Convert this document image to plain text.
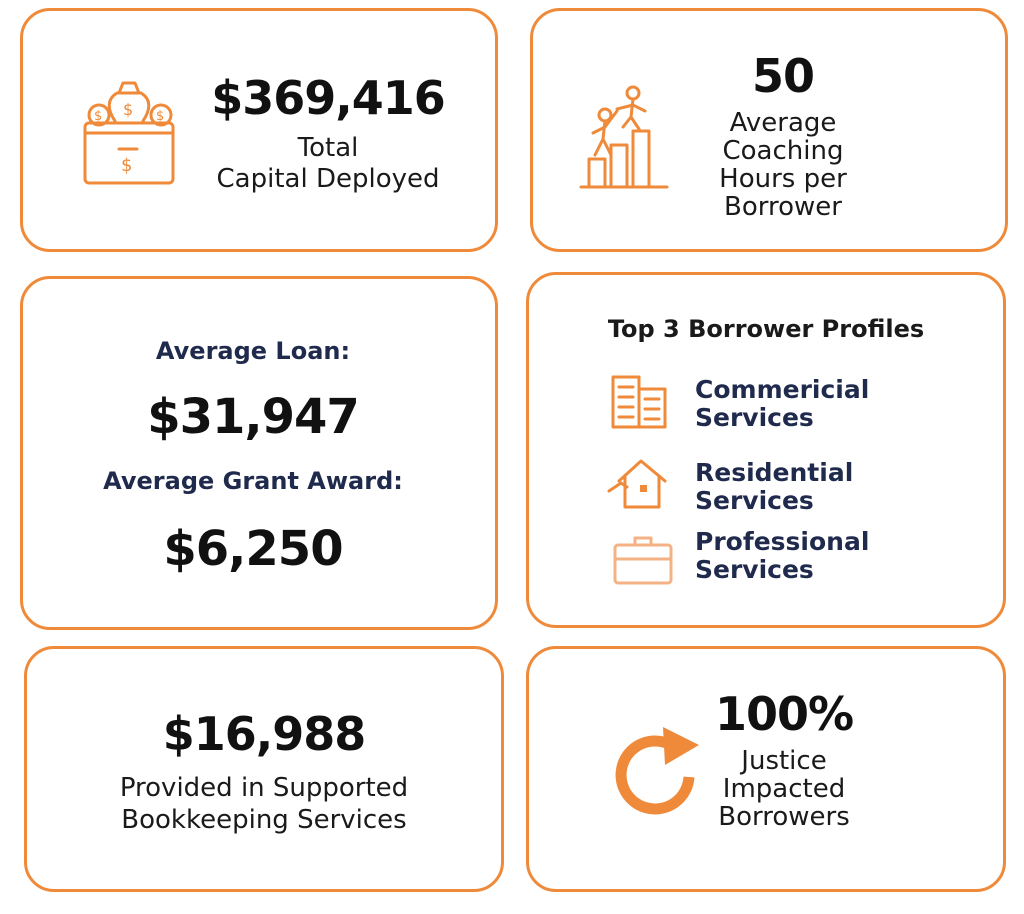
$	$
$
$
$369,416
Total
Capital Deployed
50
Average
Coaching
Hours per
Borrower
Average Loan:
$31,947
Average Grant Award:
$6,250
Top 3 Borrower Profiles
Commericial
Services
Residential
Services
Professional
Services
$16,988
Provided in Supported
Bookkeeping Services
100%
Justice
Impacted
Borrowers
